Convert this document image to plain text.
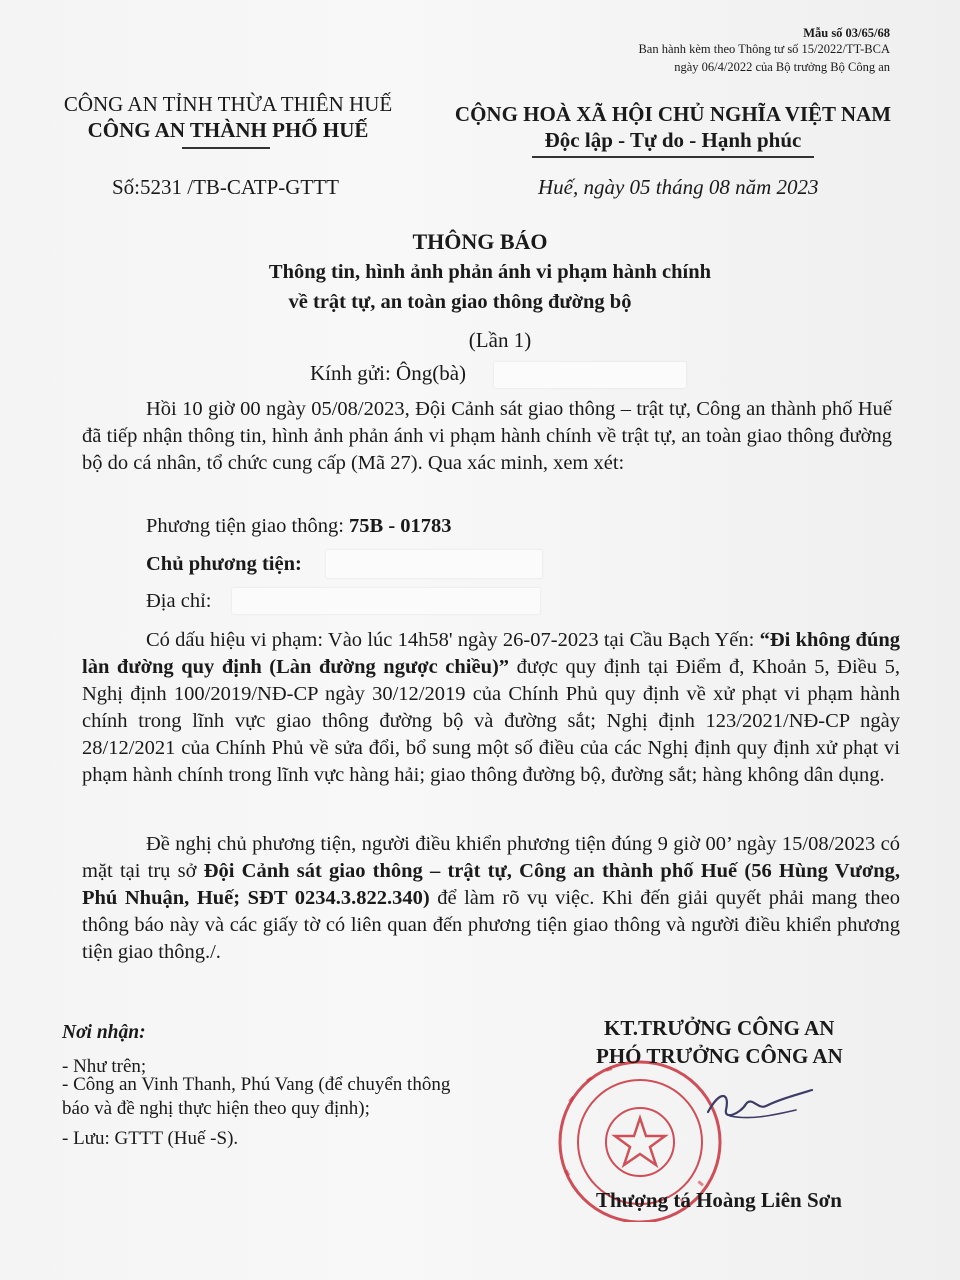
Mẫu số 03/65/68
Ban hành kèm theo Thông tư số 15/2022/TT-BCA
ngày 06/4/2022 của Bộ trưởng Bộ Công an
CÔNG AN TỈNH THỪA THIÊN HUẾ
CÔNG AN THÀNH PHỐ HUẾ
CỘNG HOÀ XÃ HỘI CHỦ NGHĨA VIỆT NAM
Độc lập - Tự do - Hạnh phúc
Số:5231 /TB-CATP-GTTT	Huế, ngày 05 tháng 08 năm 2023
THÔNG BÁO
Thông tin, hình ảnh phản ánh vi phạm hành chính
về trật tự, an toàn giao thông đường bộ
(Lần 1)
Kính gửi: Ông(bà)
Hồi 10 giờ 00 ngày 05/08/2023, Đội Cảnh sát giao thông – trật tự, Công an thành phố Huế đã tiếp nhận thông tin, hình ảnh phản ánh vi phạm hành chính về trật tự, an toàn giao thông đường bộ do cá nhân, tổ chức cung cấp (Mã 27). Qua xác minh, xem xét:
Phương tiện giao thông: 75B - 01783
Chủ phương tiện:
Địa chỉ:
Có dấu hiệu vi phạm: Vào lúc 14h58' ngày 26-07-2023 tại Cầu Bạch Yến: “Đi không đúng làn đường quy định (Làn đường ngược chiều)” được quy định tại Điểm đ, Khoản 5, Điều 5, Nghị định 100/2019/NĐ-CP ngày 30/12/2019 của Chính Phủ quy định về xử phạt vi phạm hành chính trong lĩnh vực giao thông đường bộ và đường sắt; Nghị định 123/2021/NĐ-CP ngày 28/12/2021 của Chính Phủ về sửa đổi, bổ sung một số điều của các Nghị định quy định xử phạt vi phạm hành chính trong lĩnh vực hàng hải; giao thông đường bộ, đường sắt; hàng không dân dụng.
Đề nghị chủ phương tiện, người điều khiển phương tiện đúng 9 giờ 00’ ngày 15/08/2023 có mặt tại trụ sở Đội Cảnh sát giao thông – trật tự, Công an thành phố Huế (56 Hùng Vương, Phú Nhuận, Huế; SĐT 0234.3.822.340) để làm rõ vụ việc. Khi đến giải quyết phải mang theo thông báo này và các giấy tờ có liên quan đến phương tiện giao thông và người điều khiển phương tiện giao thông./.
Nơi nhận:
- Như trên;
- Công an Vinh Thanh, Phú Vang (để chuyển thông
báo và đề nghị thực hiện theo quy định);
- Lưu: GTTT (Huế -S).
KT.TRƯỞNG CÔNG AN
PHÓ TRƯỞNG CÔNG AN
Thượng tá Hoàng Liên Sơn
